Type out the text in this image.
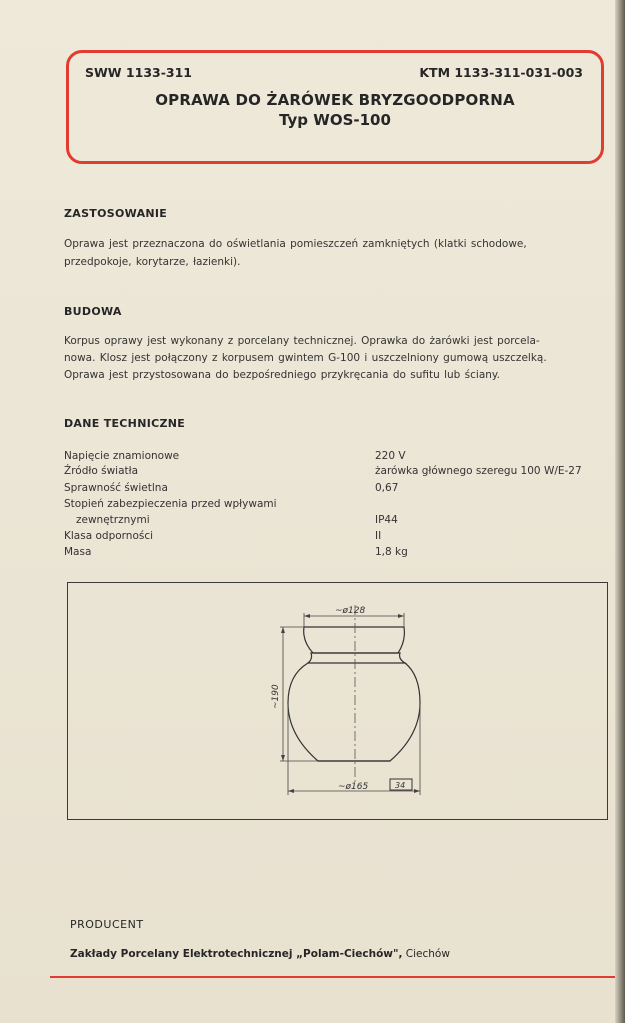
SWW 1133-311	KTM 1133-311-031-003
OPRAWA DO ŻARÓWEK BRYZGOODPORNA
Typ WOS-100
ZASTOSOWANIE
Oprawa jest przeznaczona do oświetlania pomieszczeń zamkniętych (klatki schodowe,
przedpokoje, korytarze, łazienki).
BUDOWA
Korpus oprawy jest wykonany z porcelany technicznej. Oprawka do żarówki jest porcela-
nowa. Klosz jest połączony z korpusem gwintem G-100 i uszczelniony gumową uszczelką.
Oprawa jest przystosowana do bezpośredniego przykręcania do sufitu lub ściany.
DANE TECHNICZNE
Napięcie znamionowe	220 V
Źródło światła	żarówka głównego szeregu 100 W/E-27
Sprawność świetlna	0,67
Stopień zabezpieczenia przed wpływami
zewnętrznymi	IP44
Klasa odporności	II
Masa	1,8 kg
~ø128
~190
~ø165	34
PRODUCENT
Zakłady Porcelany Elektrotechnicznej „Polam-Ciechów", Ciechów
